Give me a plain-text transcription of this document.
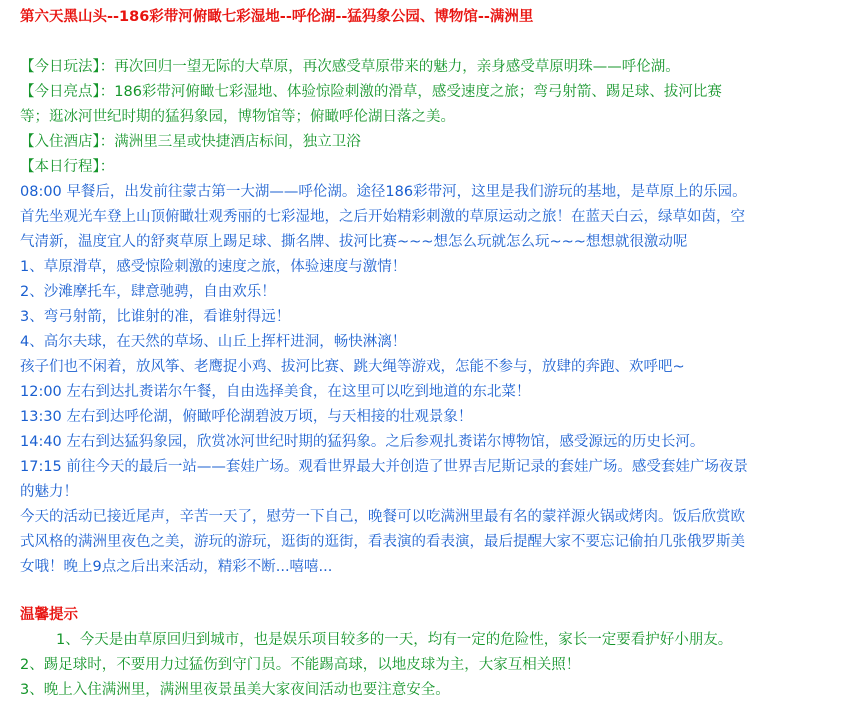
第六天黑山头--186彩带河俯瞰七彩湿地--呼伦湖--猛犸象公园、博物馆--满洲里
【今日玩法】：再次回归一望无际的大草原，再次感受草原带来的魅力，亲身感受草原明珠——呼伦湖。
【今日亮点】：186彩带河俯瞰七彩湿地、体验惊险刺激的滑草，感受速度之旅；弯弓射箭、踢足球、拔河比赛
等；逛冰河世纪时期的猛犸象园，博物馆等；俯瞰呼伦湖日落之美。
【入住酒店】：满洲里三星或快捷酒店标间，独立卫浴
【本日行程】：
08:00 早餐后，出发前往蒙古第一大湖——呼伦湖。途径186彩带河，这里是我们游玩的基地，是草原上的乐园。
首先坐观光车登上山顶俯瞰壮观秀丽的七彩湿地，之后开始精彩刺激的草原运动之旅！在蓝天白云，绿草如茵，空
气清新，温度宜人的舒爽草原上踢足球、撕名牌、拔河比赛~~~想怎么玩就怎么玩~~~想想就很激动呢
1、草原滑草，感受惊险刺激的速度之旅，体验速度与激情！
2、沙滩摩托车，肆意驰骋，自由欢乐！
3、弯弓射箭，比谁射的准，看谁射得远！
4、高尔夫球，在天然的草场、山丘上挥杆进洞，畅快淋漓！
孩子们也不闲着，放风筝、老鹰捉小鸡、拔河比赛、跳大绳等游戏，怎能不参与，放肆的奔跑、欢呼吧~
12:00 左右到达扎赉诺尔午餐，自由选择美食，在这里可以吃到地道的东北菜！
13:30 左右到达呼伦湖，俯瞰呼伦湖碧波万顷，与天相接的壮观景象！
14:40 左右到达猛犸象园，欣赏冰河世纪时期的猛犸象。之后参观扎赉诺尔博物馆，感受源远的历史长河。
17:15 前往今天的最后一站——套娃广场。观看世界最大并创造了世界吉尼斯记录的套娃广场。感受套娃广场夜景
的魅力！
今天的活动已接近尾声，辛苦一天了，慰劳一下自己，晚餐可以吃满洲里最有名的蒙祥源火锅或烤肉。饭后欣赏欧
式风格的满洲里夜色之美，游玩的游玩，逛街的逛街，看表演的看表演，最后提醒大家不要忘记偷拍几张俄罗斯美
女哦！晚上9点之后出来活动，精彩不断...嘻嘻...
温馨提示
1、今天是由草原回归到城市，也是娱乐项目较多的一天，均有一定的危险性，家长一定要看护好小朋友。
2、踢足球时，不要用力过猛伤到守门员。不能踢高球，以地皮球为主，大家互相关照！
3、晚上入住满洲里，满洲里夜景虽美大家夜间活动也要注意安全。
